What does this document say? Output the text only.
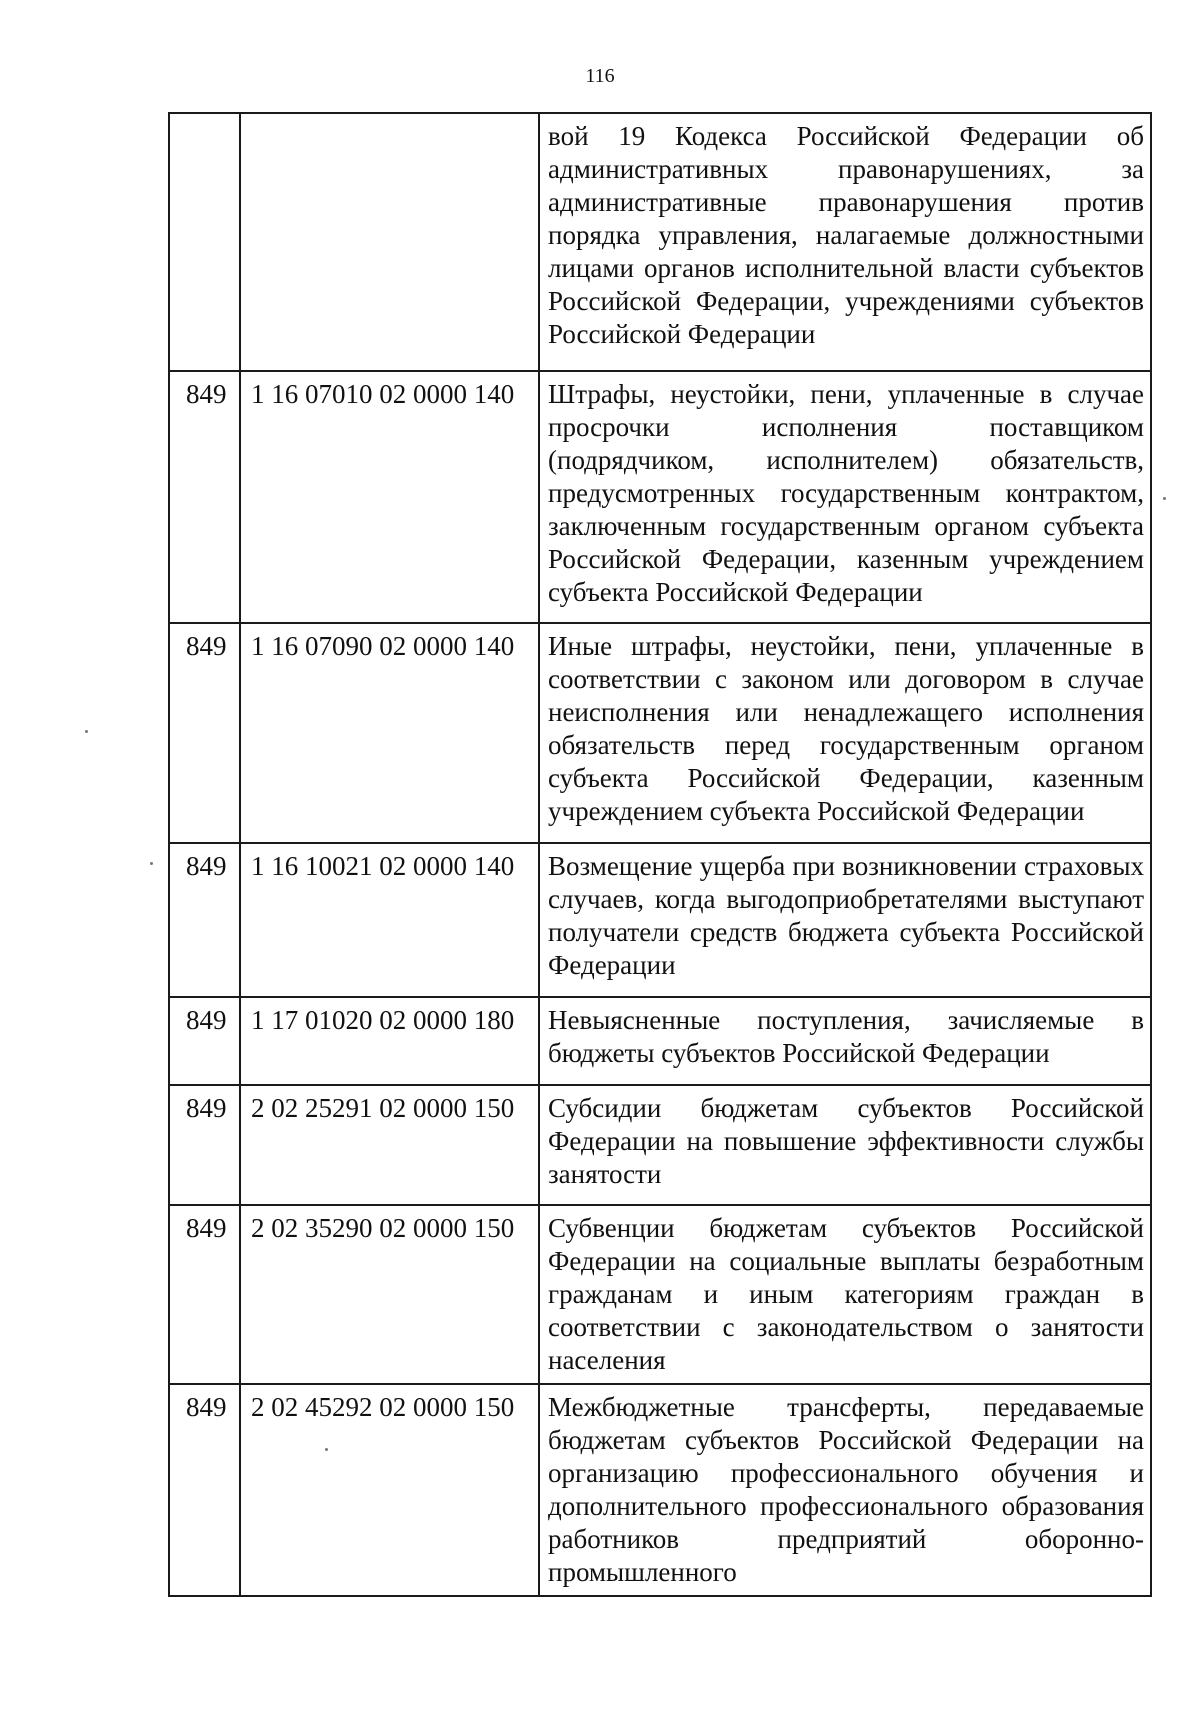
116
		вой 19 Кодекса Российской Федерации об административных правонарушениях, за административные правонарушения против порядка управления, налагаемые должностными лицами органов исполнительной власти субъектов Российской Федерации, учреждениями субъектов Российской Федерации
849	1 16 07010 02 0000 140	Штрафы, неустойки, пени, уплаченные в случае просрочки исполнения поставщиком (подрядчиком, исполнителем) обязательств, предусмотренных государственным контрактом, заключенным государственным органом субъекта Российской Федерации, казенным учреждением субъекта Российской Федерации
849	1 16 07090 02 0000 140	Иные штрафы, неустойки, пени, уплаченные в соответствии с законом или договором в случае неисполнения или ненадлежащего исполнения обязательств перед государственным органом субъекта Российской Федерации, казенным учреждением субъекта Российской Федерации
849	1 16 10021 02 0000 140	Возмещение ущерба при возникновении страховых случаев, когда выгодоприобретателями выступают получатели средств бюджета субъекта Российской Федерации
849	1 17 01020 02 0000 180	Невыясненные поступления, зачисляемые в бюджеты субъектов Российской Федерации
849	2 02 25291 02 0000 150	Субсидии бюджетам субъектов Российской Федерации на повышение эффективности службы занятости
849	2 02 35290 02 0000 150	Субвенции бюджетам субъектов Российской Федерации на социальные выплаты безработным гражданам и иным категориям граждан в соответствии с законодательством о занятости населения
849	2 02 45292 02 0000 150	Межбюджетные трансферты, передаваемые бюджетам субъектов Российской Федерации на организацию профессионального обучения и дополнительного профессионального образования работников предприятий оборонно-промышленного
